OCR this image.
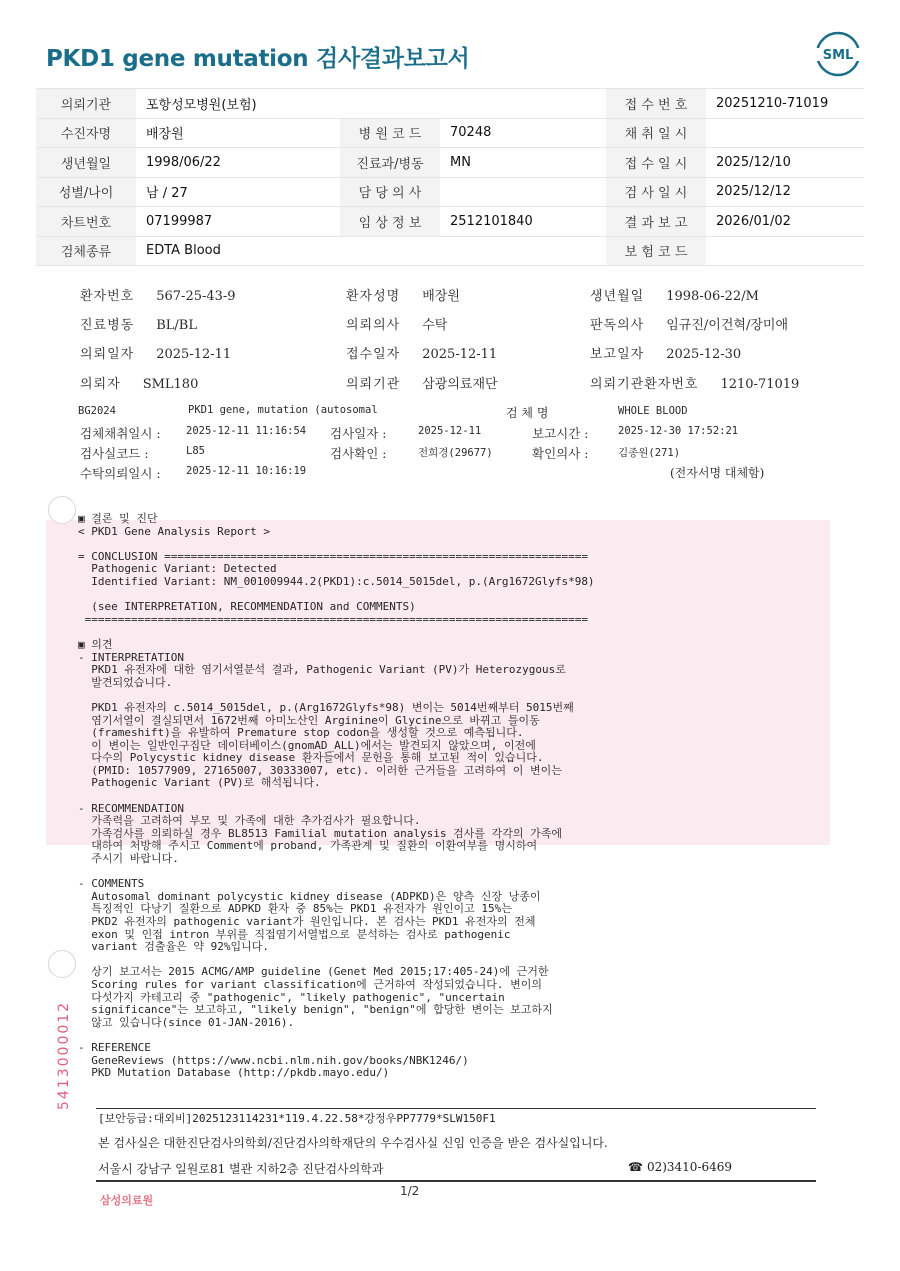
PKD1 gene mutation 검사결과보고서	SML
의뢰기관	포항성모병원(보험)			접 수 번 호	20251210-71019
수진자명	배장원	병 원 코 드	70248	채 취 일 시	
생년월일	1998/06/22	진료과/병동	MN	접 수 일 시	2025/12/10
성별/나이	남 / 27	담 당 의 사		검 사 일 시	2025/12/12
차트번호	07199987	임 상 정 보	2512101840	결 과 보 고	2026/01/02
검체종류	EDTA Blood			보 험 코 드	
환자번호 567-25-43-9	환자성명 배장원	생년월일 1998-06-22/M
진료병동 BL/BL	의뢰의사 수탁	판독의사 임규진/이건혁/장미애
의뢰일자 2025-12-11	접수일자 2025-12-11	보고일자 2025-12-30
의뢰자 SML180	의뢰기관 삼광의료재단	의뢰기관환자번호 1210-71019
BG2024	PKD1 gene, mutation (autosomal	검 체 명	WHOLE BLOOD
검체채취일시 : 2025-12-11 11:16:54 검사일자 :	2025-12-11	보고시간 :	2025-12-30 17:52:21
검사실코드 :	L85	검사확인 :	전희경(29677)	확인의사 :	김종원(271)
수탁의뢰일시 : 2025-12-11 10:16:19	(전자서명 대체함)
▣ 결론 및 진단
< PKD1 Gene Analysis Report >
= CONCLUSION ================================================================
Pathogenic Variant: Detected
Identified Variant: NM_001009944.2(PKD1):c.5014_5015del, p.(Arg1672Glyfs*98)
(see INTERPRETATION, RECOMMENDATION and COMMENTS)
============================================================================
▣ 의견
- INTERPRETATION
PKD1 유전자에 대한 염기서열분석 결과, Pathogenic Variant (PV)가 Heterozygous로
발견되었습니다.
PKD1 유전자의 c.5014_5015del, p.(Arg1672Glyfs*98) 변이는 5014번째부터 5015번째
염기서열이 결실되면서 1672번째 아미노산인 Arginine이 Glycine으로 바뀌고 틀이동
(frameshift)을 유발하여 Premature stop codon을 생성할 것으로 예측됩니다.
이 변이는 일반인구집단 데이터베이스(gnomAD_ALL)에서는 발견되지 않았으며, 이전에
다수의 Polycystic kidney disease 환자들에서 문헌을 통해 보고된 적이 있습니다.
(PMID: 10577909, 27165007, 30333007, etc). 이러한 근거들을 고려하여 이 변이는
Pathogenic Variant (PV)로 해석됩니다.
- RECOMMENDATION
가족력을 고려하여 부모 및 가족에 대한 추가검사가 필요합니다.
가족검사를 의뢰하실 경우 BL8513 Familial mutation analysis 검사를 각각의 가족에
대하여 처방해 주시고 Comment에 proband, 가족관계 및 질환의 이환여부를 명시하여
주시기 바랍니다.
- COMMENTS
Autosomal dominant polycystic kidney disease (ADPKD)은 양측 신장 낭종이
특징적인 다낭기 질환으로 ADPKD 환자 중 85%는 PKD1 유전자가 원인이고 15%는
PKD2 유전자의 pathogenic variant가 원인입니다. 본 검사는 PKD1 유전자의 전체
exon 및 인접 intron 부위를 직접염기서열법으로 분석하는 검사로 pathogenic
variant 검출율은 약 92%입니다.
상기 보고서는 2015 ACMG/AMP guideline (Genet Med 2015;17:405-24)에 근거한
Scoring rules for variant classification에 근거하여 작성되었습니다. 변이의
다섯가지 카테고리 중 "pathogenic", "likely pathogenic", "uncertain
significance"는 보고하고, "likely benign", "benign"에 합당한 변이는 보고하지
않고 있습니다(since 01-JAN-2016).
- REFERENCE
GeneReviews (https://www.ncbi.nlm.nih.gov/books/NBK1246/)
PKD Mutation Database (http://pkdb.mayo.edu/)
5413000012
[보안등급:대외비]2025123114231*119.4.22.58*강정우PP7779*SLW150F1
본 검사실은 대한진단검사의학회/진단검사의학재단의 우수검사실 신임 인증을 받은 검사실입니다.
서울시 강남구 일원로81 별관 지하2층 진단검사의학과	☎ 02)3410-6469
삼성의료원
1/2
